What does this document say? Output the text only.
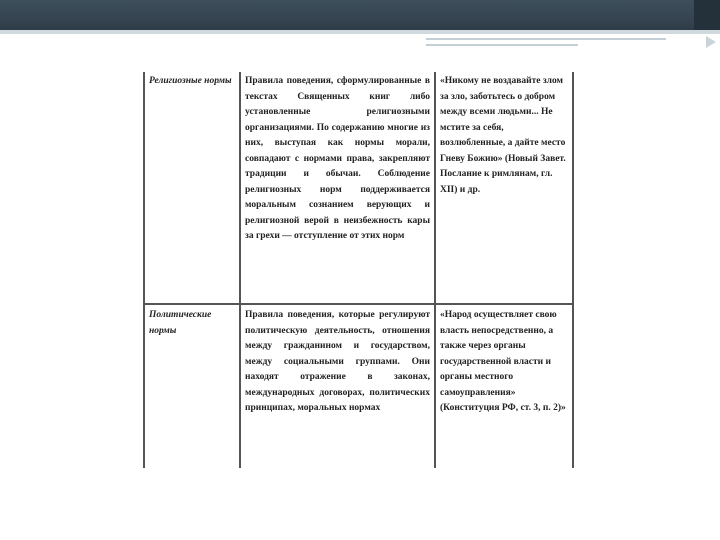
Религиозные нормы	Правила поведения, сформулированные в текстах Священных книг либо установленные религиозными организациями. По содержанию многие из них, выступая как нормы морали, совпадают с нормами права, закрепляют традиции и обычаи. Соблюдение религиозных норм поддерживается моральным сознанием верующих и религиозной верой в неизбежность кары за грехи — отступление от этих норм	«Никому не воздавайте злом за зло, заботьтесь о добром между всеми людьми... Не мстите за себя, возлюбленные, а дайте место Гневу Божию» (Новый Завет. Послание к римлянам, гл. XII) и др.
Политические нормы	Правила поведения, которые регулируют политическую деятельность, отношения между гражданином и государством, между социальными группами. Они находят отражение в законах, международных договорах, политических принципах, моральных нормах	«Народ осуществляет свою власть непосредственно, а также через органы государственной власти и органы местного самоуправления» (Конституция РФ, ст. 3, п. 2)»
